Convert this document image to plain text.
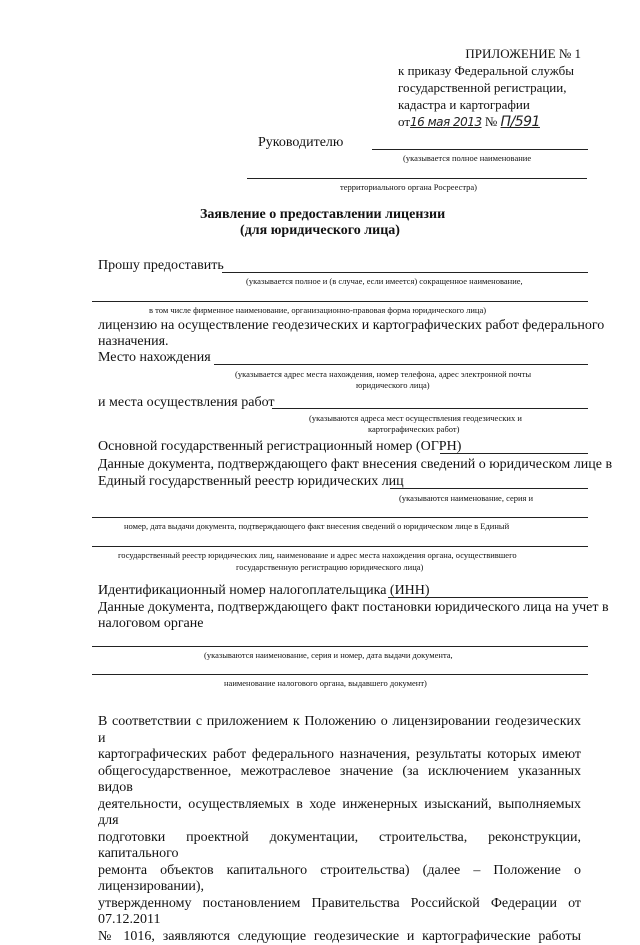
ПРИЛОЖЕНИЕ № 1
к приказу Федеральной службы
государственной регистрации,
кадастра и картографии
от16 мая 2013 № П/591
Руководителю
(указывается полное наименование
территориального органа Росреестра)
Заявление о предоставлении лицензии
(для юридического лица)
Прошу предоставить
(указывается полное и (в случае, если имеется) сокращенное наименование,
в том числе фирменное наименование, организационно-правовая форма юридического лица)
лицензию на осуществление геодезических и картографических работ федерального
назначения.
Место нахождения
(указывается адрес места нахождения, номер телефона, адрес электронной почты
юридического лица)
и места осуществления работ
(указываются адреса мест осуществления геодезических и
картографических работ)
Основной государственный регистрационный номер (ОГРН)
Данные документа, подтверждающего факт внесения сведений о юридическом лице в
Единый государственный реестр юридических лиц
(указываются наименование, серия и
номер, дата выдачи документа, подтверждающего факт внесения сведений о юридическом лице в Единый
государственный реестр юридических лиц, наименование и адрес места нахождения органа, осуществившего
государственную регистрацию юридического лица)
Идентификационный номер налогоплательщика (ИНН)
Данные документа, подтверждающего факт постановки юридического лица на учет в
налоговом органе
(указываются наименование, серия и номер, дата выдачи документа,
наименование налогового органа, выдавшего документ)
В соответствии с приложением к Положению о лицензировании геодезических и
картографических работ федерального назначения, результаты которых имеют
общегосударственное, межотраслевое значение (за исключением указанных видов
деятельности, осуществляемых в ходе инженерных изысканий, выполняемых для
подготовки проектной документации, строительства, реконструкции, капитального
ремонта объектов капитального строительства) (далее – Положение о лицензировании),
утвержденному постановлением Правительства Российской Федерации от 07.12.2011
№ 1016, заявляются следующие геодезические и картографические работы
